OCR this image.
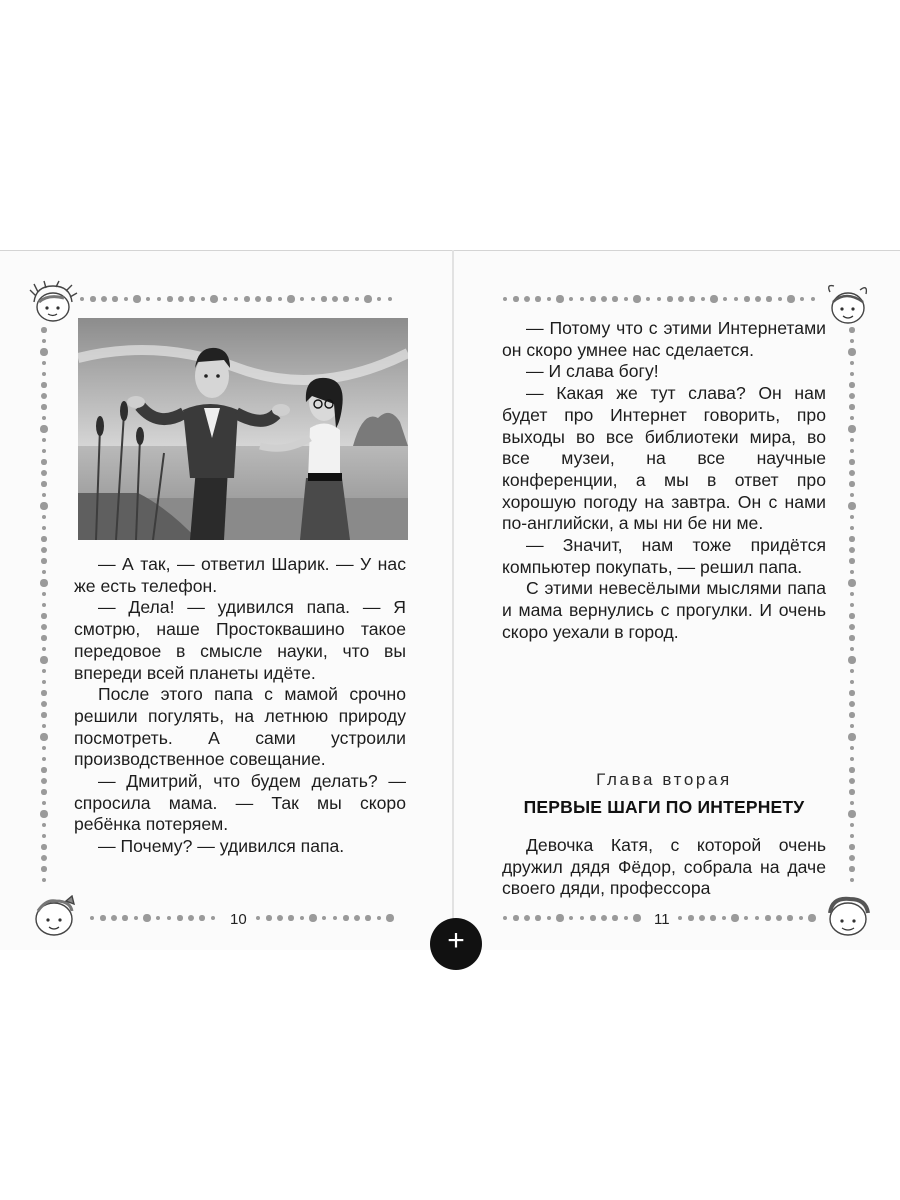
— А так, — ответил Шарик. — У нас же есть телефон.

— Дела! — удивился папа. — Я смотрю, наше Простоквашино такое передовое в смысле науки, что вы впереди всей планеты идёте.

После этого папа с мамой срочно решили погулять, на летнюю природу посмотреть. А сами устроили производственное совещание.

— Дмитрий, что будем делать? — спросила мама. — Так мы скоро ребёнка потеряем.

— Почему? — удивился папа.

— Потому что с этими Интернетами он скоро умнее нас сделается.

— И слава богу!

— Какая же тут слава? Он нам будет про Интернет говорить, про выходы во все библиотеки мира, во все музеи, на все научные конференции, а мы в ответ про хорошую погоду на завтра. Он с нами по-английски, а мы ни бе ни ме.

— Значит, нам тоже придётся компьютер покупать, — решил папа.

С этими невесёлыми мыслями папа и мама вернулись с прогулки. И очень скоро уехали в город.

Глава вторая
ПЕРВЫЕ ШАГИ ПО ИНТЕРНЕТУ

Девочка Катя, с которой очень дружил дядя Фёдор, собрала на даче своего дяди, профессора

10	11
+
